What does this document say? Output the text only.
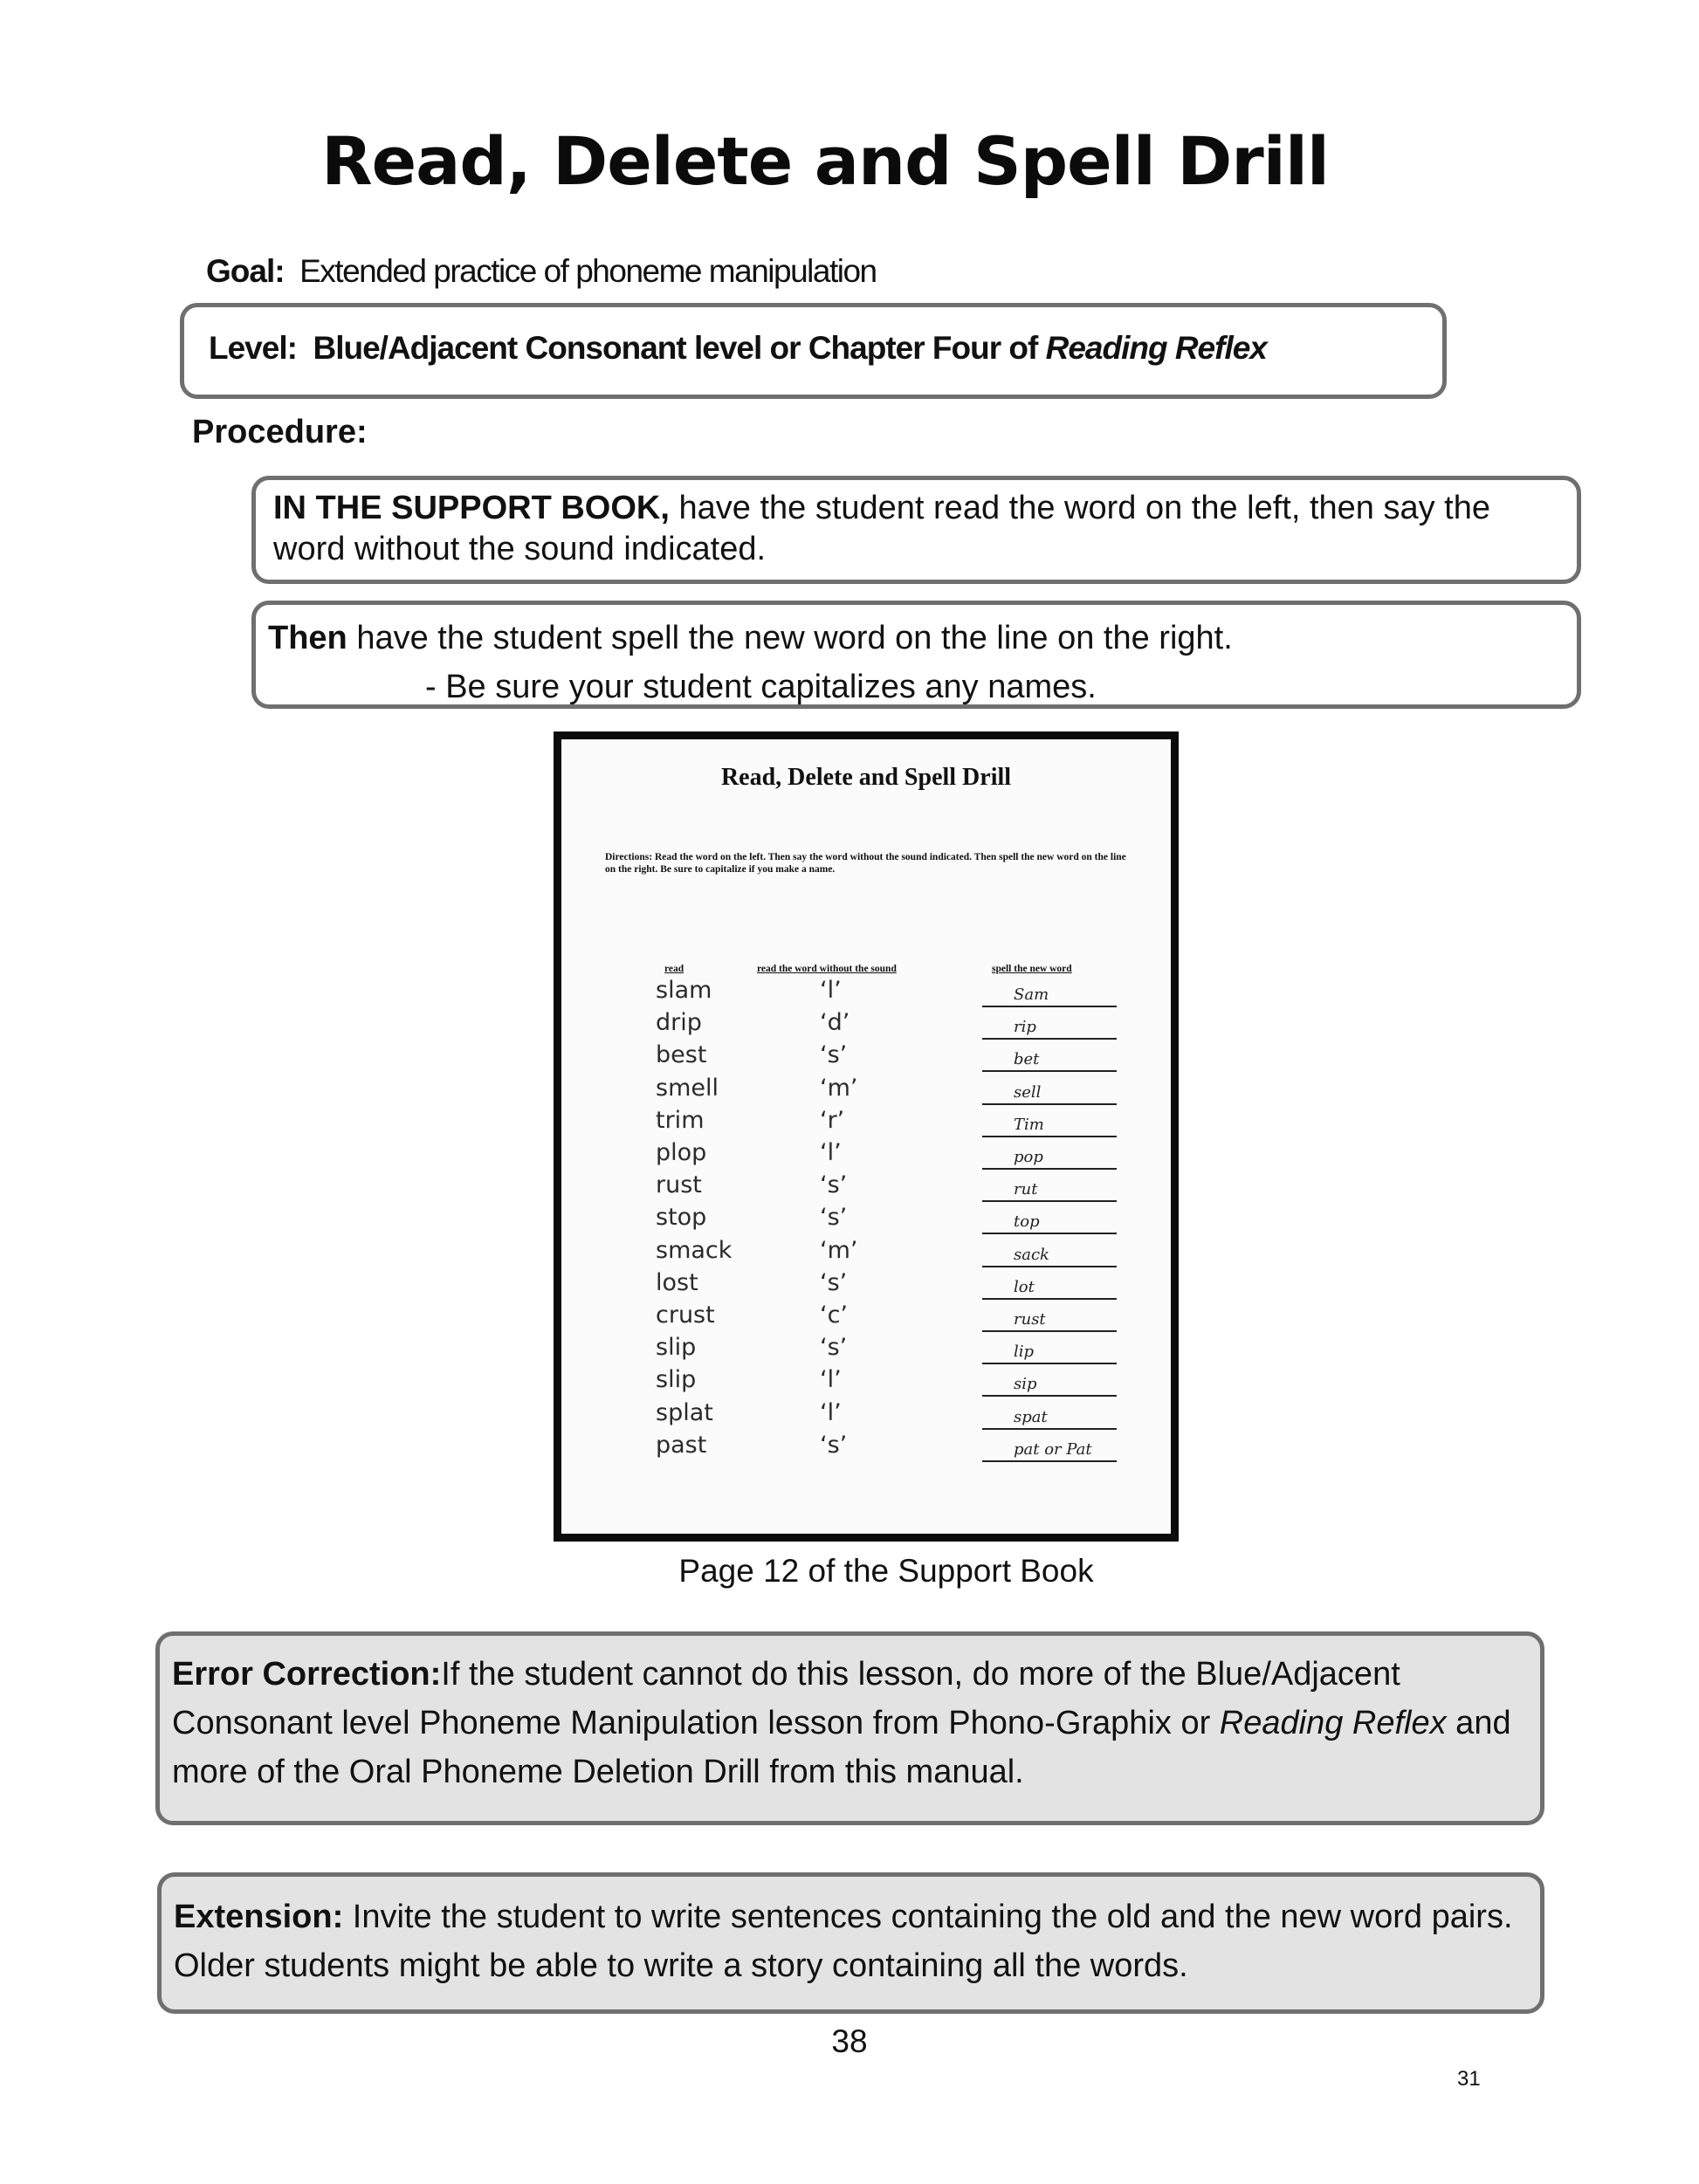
Read, Delete and Spell Drill
Goal: Extended practice of phoneme manipulation
Level: Blue/Adjacent Consonant level or Chapter Four of Reading Reflex
Procedure:
IN THE SUPPORT BOOK, have the student read the word on the left, then say the word without the sound indicated.
Then have the student spell the new word on the line on the right.
- Be sure your student capitalizes any names.
Read, Delete and Spell Drill
Directions: Read the word on the left. Then say the word without the sound indicated. Then spell the new word on the line on the right. Be sure to capitalize if you make a name.
read	read the word without the sound	spell the new word
slam	‘l’	Sam
drip	‘d’	rip
best	‘s’	bet
smell	‘m’	sell
trim	‘r’	Tim
plop	‘l’	pop
rust	‘s’	rut
stop	‘s’	top
smack	‘m’	sack
lost	‘s’	lot
crust	‘c’	rust
slip	‘s’	lip
slip	‘l’	sip
splat	‘l’	spat
past	‘s’	pat or Pat
Page 12 of the Support Book
Error Correction:If the student cannot do this lesson, do more of the Blue/Adjacent Consonant level Phoneme Manipulation lesson from Phono-Graphix or Reading Reflex and more of the Oral Phoneme Deletion Drill from this manual.
Extension: Invite the student to write sentences containing the old and the new word pairs. Older students might be able to write a story containing all the words.
38
31
